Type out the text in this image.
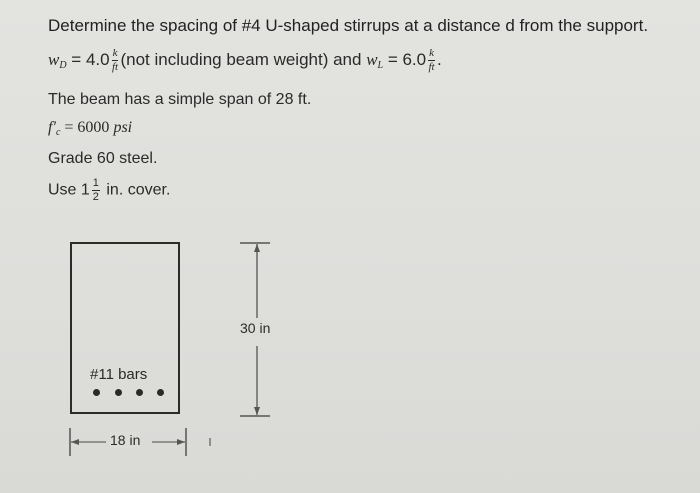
Determine the spacing of #4 U-shaped stirrups at a distance d from the support.
$w_D = 4.0 \frac{k}{ft} (not$ including beam weight) and $w_L = 6.0 \frac{k}{ft}$ .
The beam has a simple span of 28 ft.
$f'_c = 6000$ psi
Grade 60 steel.
Use $1 \frac{1}{2}$ in. cover.
#11 bars
30 in
18 in
